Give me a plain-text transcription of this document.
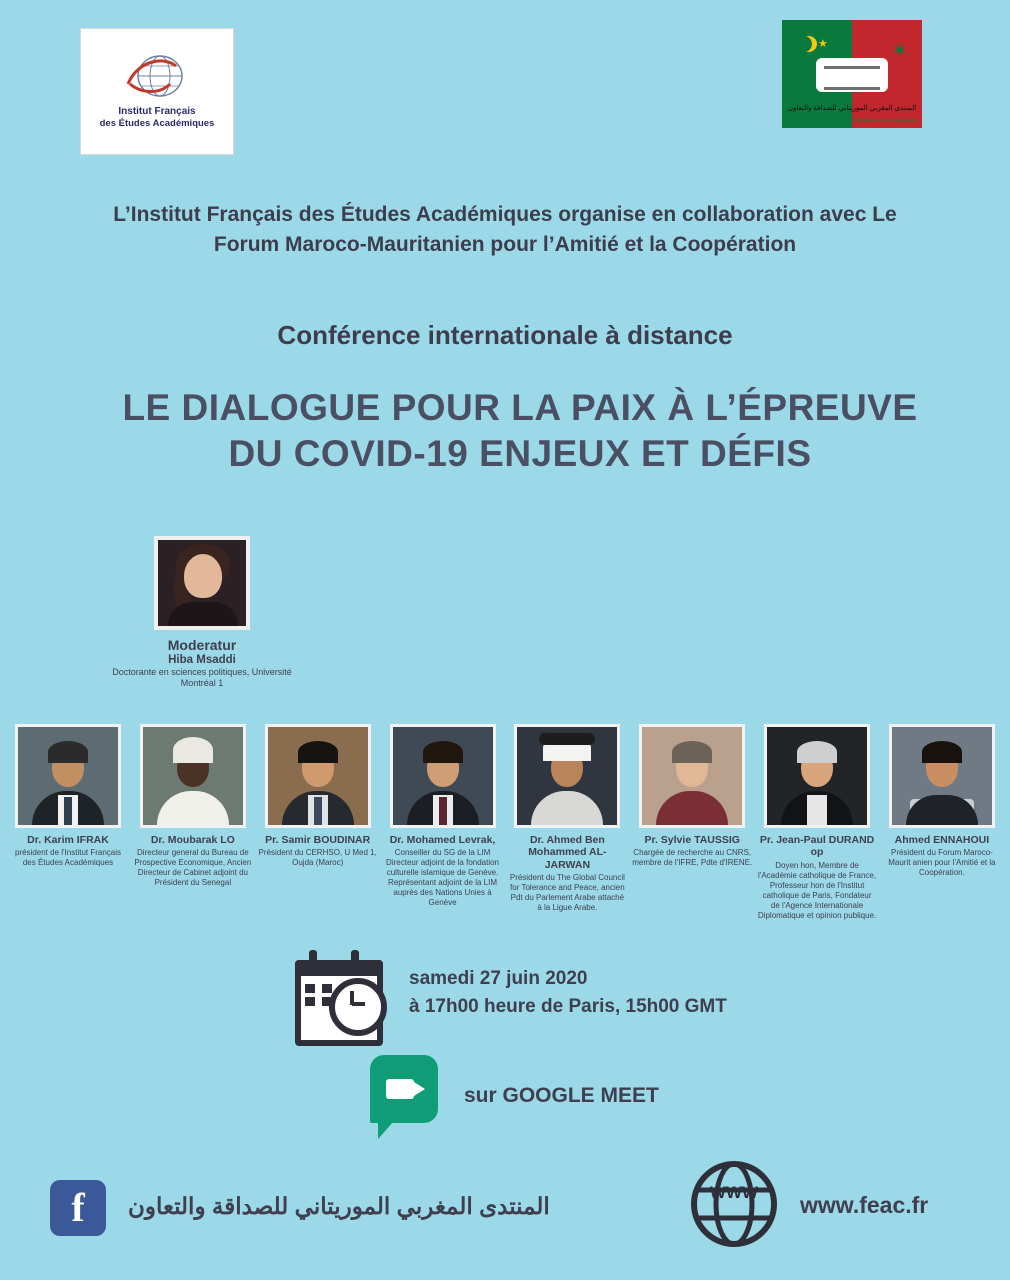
Institut Français
des Études Académiques
★	✶
المنتدى المغربي الموريتاني للصداقة والتعاون
Forum Maroco-Mauritanien d'amitié et de coopération
L’Institut Français des Études Académiques organise en collaboration avec Le Forum Maroco-Mauritanien pour l’Amitié et la Coopération
Conférence internationale à distance
LE DIALOGUE POUR LA PAIX À L’ÉPREUVE DU COVID-19 ENJEUX ET DÉFIS
Moderatur
Hiba Msaddi
Doctorante en sciences politiques, Université Montréal 1
Dr. Karim IFRAK
président de l'Institut Français des Études Académiques
Dr. Moubarak LO
Directeur general du Bureau de Prospective Economique, Ancien Directeur de Cabinet adjoint du Président du Senegal
Pr. Samir BOUDINAR
Président du CERHSO, U Med 1, Oujda (Maroc)
Dr. Mohamed Levrak,
Conseiller du SG de la LIM Directeur adjoint de la fondation culturelle islamique de Genève. Représentant adjoint de la LIM auprès des Nations Unies à Genève
Dr. Ahmed Ben Mohammed AL-JARWAN
Président du The Global Council for Tolerance and Peace, ancien Pdt du Parlement Arabe attaché à la Ligue Arabe.
Pr. Sylvie TAUSSIG
Chargée de recherche au CNRS, membre de l'IFRE, Pdte d'IRENE.
Pr. Jean-Paul DURAND op
Doyen hon, Membre de l'Académie catholique de France, Professeur hon de l'Institut catholique de Paris, Fondateur de l'Agence Internationale Diplomatique et opinion publique.
Ahmed ENNAHOUI
Président du Forum Maroco-Maurit anien pour l'Amitié et la Coopération.
samedi 27 juin 2020
à 17h00 heure de Paris, 15h00 GMT
sur GOOGLE MEET
f	المنتدى المغربي الموريتاني للصداقة والتعاون
WWW www.feac.fr
